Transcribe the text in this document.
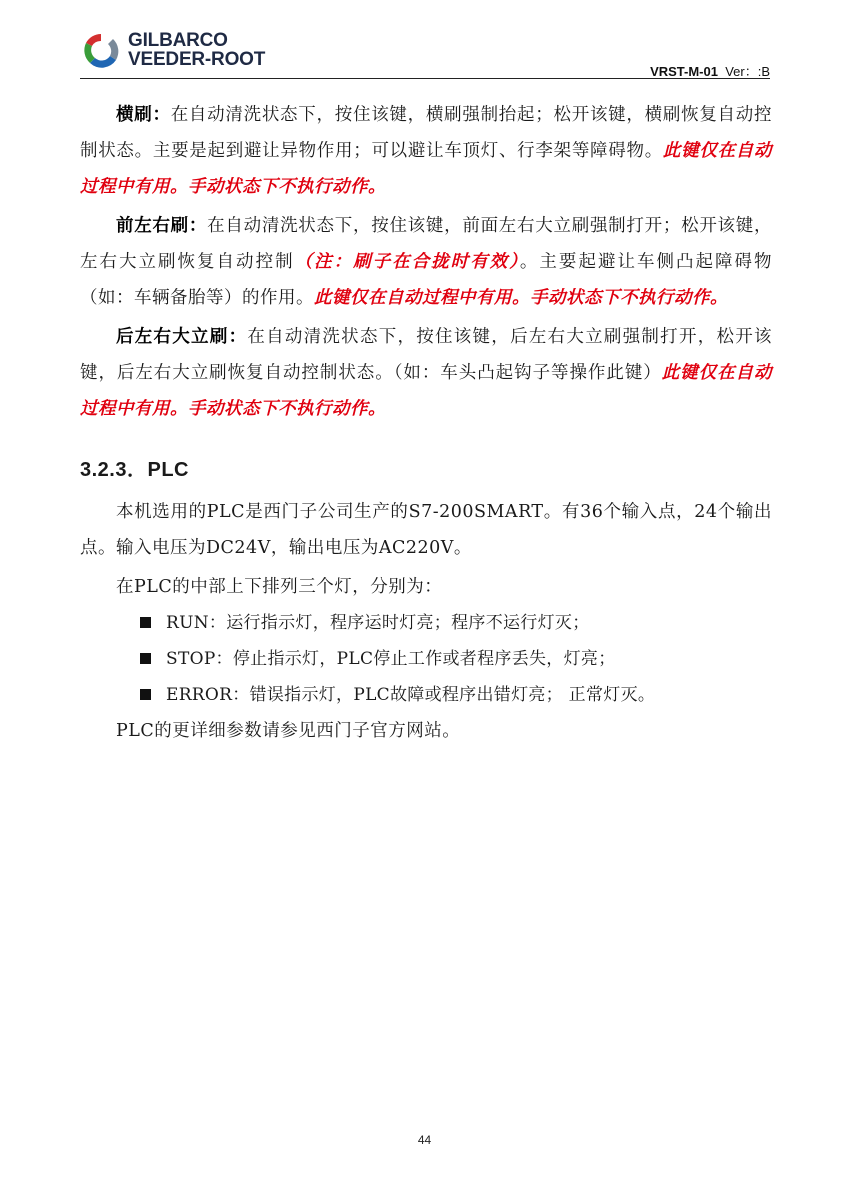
GILBARCO
VEEDER-ROOT
VRST-M-01 Ver：:B

横刷：在自动清洗状态下，按住该键，横刷强制抬起；松开该键，横刷恢复自动控制状态。主要是起到避让异物作用；可以避让车顶灯、行李架等障碍物。此键仅在自动过程中有用。手动状态下不执行动作。

前左右刷：在自动清洗状态下，按住该键，前面左右大立刷强制打开；松开该键，左右大立刷恢复自动控制（注：刷子在合拢时有效）。主要起避让车侧凸起障碍物（如：车辆备胎等）的作用。此键仅在自动过程中有用。手动状态下不执行动作。

后左右大立刷：在自动清洗状态下，按住该键，后左右大立刷强制打开，松开该键，后左右大立刷恢复自动控制状态。（如：车头凸起钩子等操作此键）此键仅在自动过程中有用。手动状态下不执行动作。

3.2.3．PLC

本机选用的PLC是西门子公司生产的S7-200SMART。有36个输入点，24个输出点。输入电压为DC24V，输出电压为AC220V。

在PLC的中部上下排列三个灯，分别为：

RUN：运行指示灯，程序运时灯亮；程序不运行灯灭；
STOP：停止指示灯，PLC停止工作或者程序丢失，灯亮；
ERROR：错误指示灯，PLC故障或程序出错灯亮； 正常灯灭。

PLC的更详细参数请参见西门子官方网站。

44
